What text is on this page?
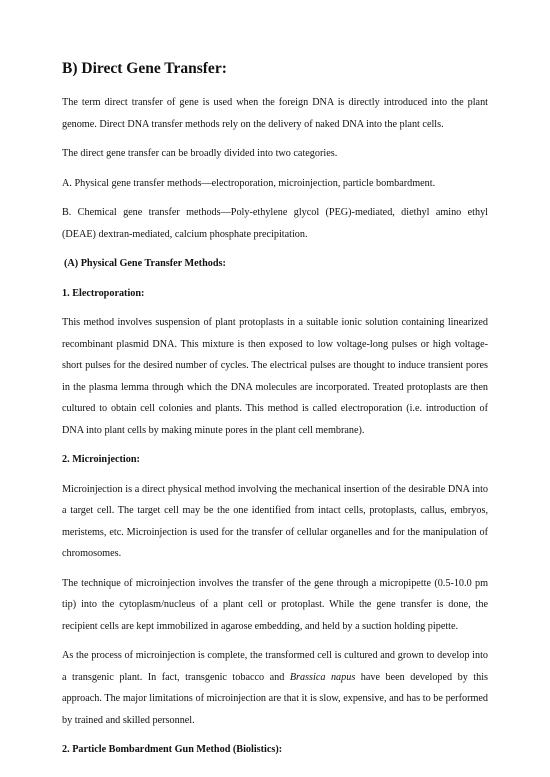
B) Direct Gene Transfer:

The term direct transfer of gene is used when the foreign DNA is directly introduced into the plant genome. Direct DNA transfer methods rely on the delivery of naked DNA into the plant cells.

The direct gene transfer can be broadly divided into two categories.

A. Physical gene transfer methods—electroporation, microinjection, particle bombardment.

B. Chemical gene transfer methods—Poly-ethylene glycol (PEG)-mediated, diethyl amino ethyl (DEAE) dextran-mediated, calcium phosphate precipitation.

(A) Physical Gene Transfer Methods:
1. Electroporation:

This method involves suspension of plant protoplasts in a suitable ionic solution containing linearized recombinant plasmid DNA. This mixture is then exposed to low voltage-long pulses or high voltage-short pulses for the desired number of cycles. The electrical pulses are thought to induce transient pores in the plasma lemma through which the DNA molecules are incorporated. Treated protoplasts are then cultured to obtain cell colonies and plants. This method is called electroporation (i.e. introduction of DNA into plant cells by making minute pores in the plant cell membrane).

2. Microinjection:

Microinjection is a direct physical method involving the mechanical insertion of the desirable DNA into a target cell. The target cell may be the one identified from intact cells, protoplasts, callus, embryos, meristems, etc. Microinjection is used for the transfer of cellular organelles and for the manipulation of chromosomes.

The technique of microinjection involves the transfer of the gene through a micropipette (0.5-10.0 pm tip) into the cytoplasm/nucleus of a plant cell or protoplast. While the gene transfer is done, the recipient cells are kept immobilized in agarose embedding, and held by a suction holding pipette.

As the process of microinjection is complete, the transformed cell is cultured and grown to develop into a transgenic plant. In fact, transgenic tobacco and Brassica napus have been developed by this approach. The major limitations of microinjection are that it is slow, expensive, and has to be performed by trained and skilled personnel.

2. Particle Bombardment Gun Method (Biolistics):
